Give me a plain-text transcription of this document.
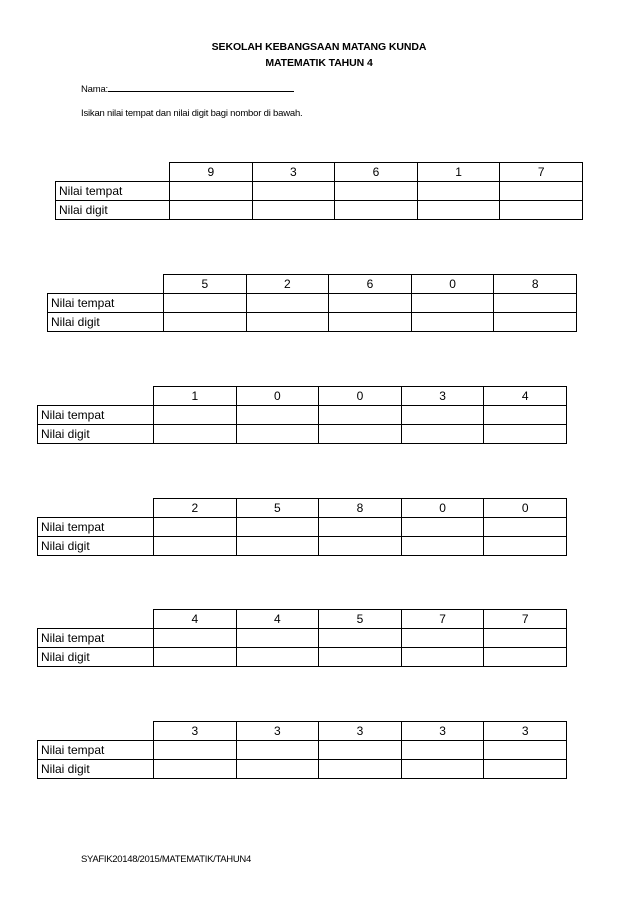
SEKOLAH KEBANGSAAN MATANG KUNDA
MATEMATIK TAHUN 4
Nama:
Isikan nilai tempat dan nilai digit bagi nombor di bawah.
	9	3	6	1	7
Nilai tempat					
Nilai digit					
	5	2	6	0	8
Nilai tempat					
Nilai digit					
	1	0	0	3	4
Nilai tempat					
Nilai digit					
	2	5	8	0	0
Nilai tempat					
Nilai digit					
	4	4	5	7	7
Nilai tempat					
Nilai digit					
	3	3	3	3	3
Nilai tempat					
Nilai digit					
SYAFIK20148/2015/MATEMATIK/TAHUN4
